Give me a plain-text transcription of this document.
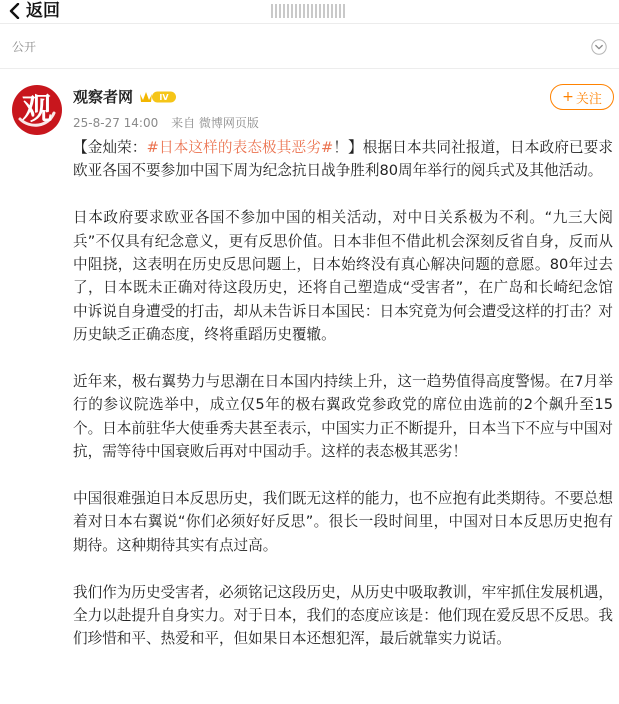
返回
公开
观	观察者网	IV
25-8-27 14:00 来自 微博网页版
+ 关注

【金灿荣：#日本这样的表态极其恶劣#！】根据日本共同社报道，日本政府已要求欧亚各国不要参加中国下周为纪念抗日战争胜利80周年举行的阅兵式及其他活动。

日本政府要求欧亚各国不参加中国的相关活动，对中日关系极为不利。“九三大阅兵”不仅具有纪念意义，更有反思价值。日本非但不借此机会深刻反省自身，反而从中阻挠，这表明在历史反思问题上，日本始终没有真心解决问题的意愿。80年过去了，日本既未正确对待这段历史，还将自己塑造成“受害者”，在广岛和长崎纪念馆中诉说自身遭受的打击，却从未告诉日本国民：日本究竟为何会遭受这样的打击？对历史缺乏正确态度，终将重蹈历史覆辙。

近年来，极右翼势力与思潮在日本国内持续上升，这一趋势值得高度警惕。在7月举行的参议院选举中，成立仅5年的极右翼政党参政党的席位由选前的2个飙升至15个。日本前驻华大使垂秀夫甚至表示，中国实力正不断提升，日本当下不应与中国对抗，需等待中国衰败后再对中国动手。这样的表态极其恶劣！

中国很难强迫日本反思历史，我们既无这样的能力，也不应抱有此类期待。不要总想着对日本右翼说“你们必须好好反思”。很长一段时间里，中国对日本反思历史抱有期待。这种期待其实有点过高。

我们作为历史受害者，必须铭记这段历史，从历史中吸取教训，牢牢抓住发展机遇，全力以赴提升自身实力。对于日本，我们的态度应该是：他们现在爱反思不反思。我们珍惜和平、热爱和平，但如果日本还想犯浑，最后就靠实力说话。
